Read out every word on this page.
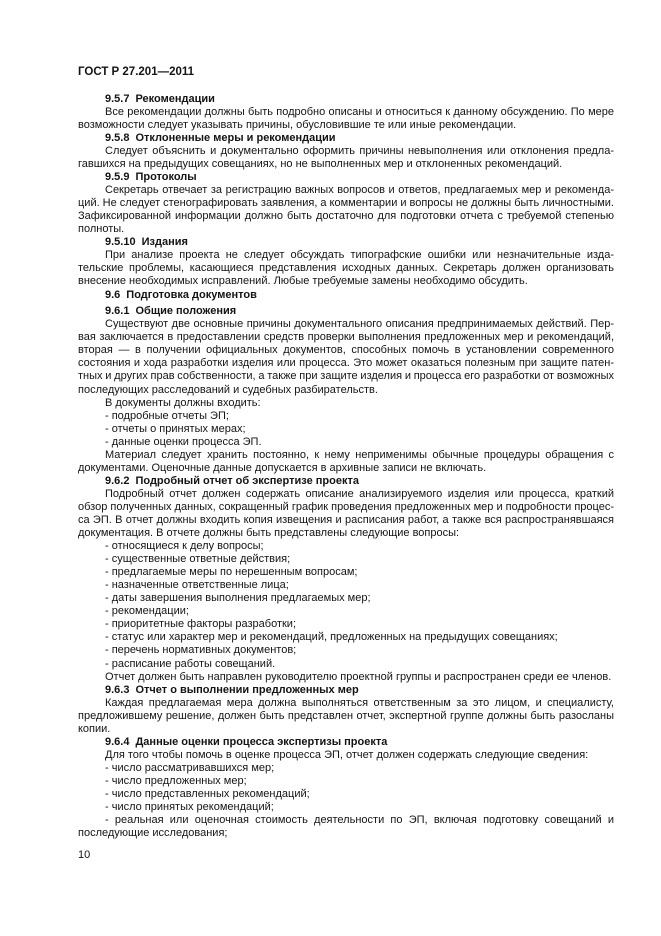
ГОСТ Р 27.201—2011
9.5.7 Рекомендации
Все рекомендации должны быть подробно описаны и относиться к данному обсуждению. По мере
возможности следует указывать причины, обусловившие те или иные рекомендации.
9.5.8 Отклоненные меры и рекомендации
Следует объяснить и документально оформить причины невыполнения или отклонения предла-
гавшихся на предыдущих совещаниях, но не выполненных мер и отклоненных рекомендаций.
9.5.9 Протоколы
Секретарь отвечает за регистрацию важных вопросов и ответов, предлагаемых мер и рекоменда-
ций. Не следует стенографировать заявления, а комментарии и вопросы не должны быть личностными.
Зафиксированной информации должно быть достаточно для подготовки отчета с требуемой степенью
полноты.
9.5.10 Издания
При анализе проекта не следует обсуждать типографские ошибки или незначительные изда-
тельские проблемы, касающиеся представления исходных данных. Секретарь должен организовать
внесение необходимых исправлений. Любые требуемые замены необходимо обсудить.
9.6 Подготовка документов
9.6.1 Общие положения
Существуют две основные причины документального описания предпринимаемых действий. Пер-
вая заключается в предоставлении средств проверки выполнения предложенных мер и рекомендаций,
вторая — в получении официальных документов, способных помочь в установлении современного
состояния и хода разработки изделия или процесса. Это может оказаться полезным при защите патен-
тных и других прав собственности, а также при защите изделия и процесса его разработки от возможных
последующих расследований и судебных разбирательств.
В документы должны входить:
- подробные отчеты ЭП;
- отчеты о принятых мерах;
- данные оценки процесса ЭП.
Материал следует хранить постоянно, к нему неприменимы обычные процедуры обращения с
документами. Оценочные данные допускается в архивные записи не включать.
9.6.2 Подробный отчет об экспертизе проекта
Подробный отчет должен содержать описание анализируемого изделия или процесса, краткий
обзор полученных данных, сокращенный график проведения предложенных мер и подробности процес-
са ЭП. В отчет должны входить копия извещения и расписания работ, а также вся распространявшаяся
документация. В отчете должны быть представлены следующие вопросы:
- относящиеся к делу вопросы;
- существенные ответные действия;
- предлагаемые меры по нерешенным вопросам;
- назначенные ответственные лица;
- даты завершения выполнения предлагаемых мер;
- рекомендации;
- приоритетные факторы разработки;
- статус или характер мер и рекомендаций, предложенных на предыдущих совещаниях;
- перечень нормативных документов;
- расписание работы совещаний.
Отчет должен быть направлен руководителю проектной группы и распространен среди ее членов.
9.6.3 Отчет о выполнении предложенных мер
Каждая предлагаемая мера должна выполняться ответственным за это лицом, и специалисту,
предложившему решение, должен быть представлен отчет, экспертной группе должны быть разосланы
копии.
9.6.4 Данные оценки процесса экспертизы проекта
Для того чтобы помочь в оценке процесса ЭП, отчет должен содержать следующие сведения:
- число рассматривавшихся мер;
- число предложенных мер;
- число представленных рекомендаций;
- число принятых рекомендаций;
- реальная или оценочная стоимость деятельности по ЭП, включая подготовку совещаний и
последующие исследования;
10
